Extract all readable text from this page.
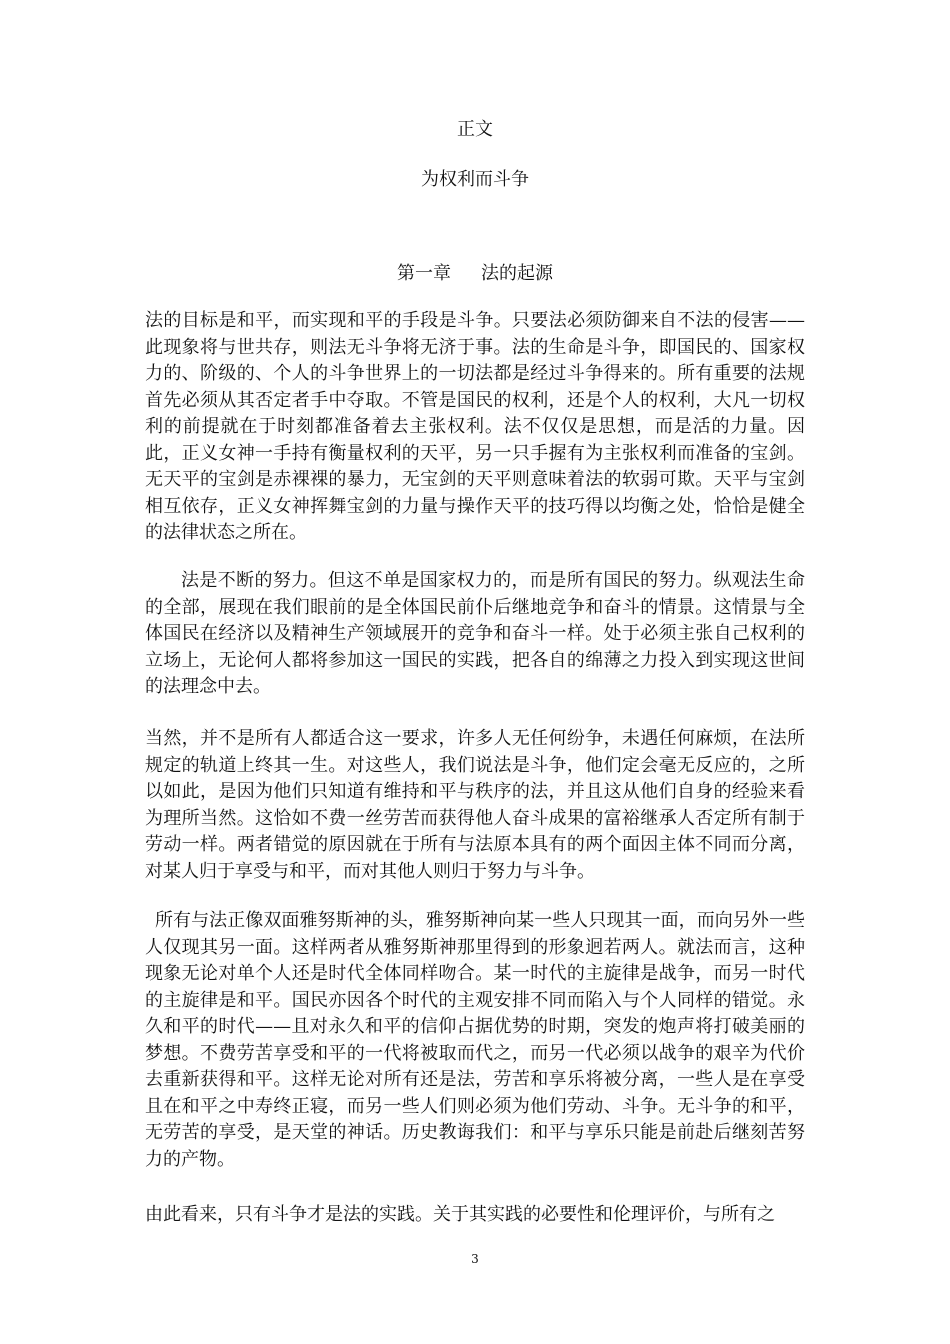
正文
为权利而斗争
第一章 法的起源

法的目标是和平，而实现和平的手段是斗争。只要法必须防御来自不法的侵害——此现象将与世共存，则法无斗争将无济于事。法的生命是斗争，即国民的、国家权力的、阶级的、个人的斗争世界上的一切法都是经过斗争得来的。所有重要的法规首先必须从其否定者手中夺取。不管是国民的权利，还是个人的权利，大凡一切权利的前提就在于时刻都准备着去主张权利。法不仅仅是思想，而是活的力量。因此，正义女神一手持有衡量权利的天平，另一只手握有为主张权利而准备的宝剑。无天平的宝剑是赤裸裸的暴力，无宝剑的天平则意味着法的软弱可欺。天平与宝剑相互依存，正义女神挥舞宝剑的力量与操作天平的技巧得以均衡之处，恰恰是健全的法律状态之所在。

法是不断的努力。但这不单是国家权力的，而是所有国民的努力。纵观法生命的全部，展现在我们眼前的是全体国民前仆后继地竞争和奋斗的情景。这情景与全体国民在经济以及精神生产领域展开的竞争和奋斗一样。处于必须主张自己权利的立场上，无论何人都将参加这一国民的实践，把各自的绵薄之力投入到实现这世间的法理念中去。

当然，并不是所有人都适合这一要求，许多人无任何纷争，未遇任何麻烦，在法所规定的轨道上终其一生。对这些人，我们说法是斗争，他们定会毫无反应的，之所以如此，是因为他们只知道有维持和平与秩序的法，并且这从他们自身的经验来看为理所当然。这恰如不费一丝劳苦而获得他人奋斗成果的富裕继承人否定所有制于劳动一样。两者错觉的原因就在于所有与法原本具有的两个面因主体不同而分离，对某人归于享受与和平，而对其他人则归于努力与斗争。

所有与法正像双面雅努斯神的头，雅努斯神向某一些人只现其一面，而向另外一些人仅现其另一面。这样两者从雅努斯神那里得到的形象迥若两人。就法而言，这种现象无论对单个人还是时代全体同样吻合。某一时代的主旋律是战争，而另一时代的主旋律是和平。国民亦因各个时代的主观安排不同而陷入与个人同样的错觉。永久和平的时代——且对永久和平的信仰占据优势的时期，突发的炮声将打破美丽的梦想。不费劳苦享受和平的一代将被取而代之，而另一代必须以战争的艰辛为代价去重新获得和平。这样无论对所有还是法，劳苦和享乐将被分离，一些人是在享受且在和平之中寿终正寝，而另一些人们则必须为他们劳动、斗争。无斗争的和平，无劳苦的享受，是天堂的神话。历史教诲我们：和平与享乐只能是前赴后继刻苦努力的产物。

由此看来，只有斗争才是法的实践。关于其实践的必要性和伦理评价，与所有之

3
